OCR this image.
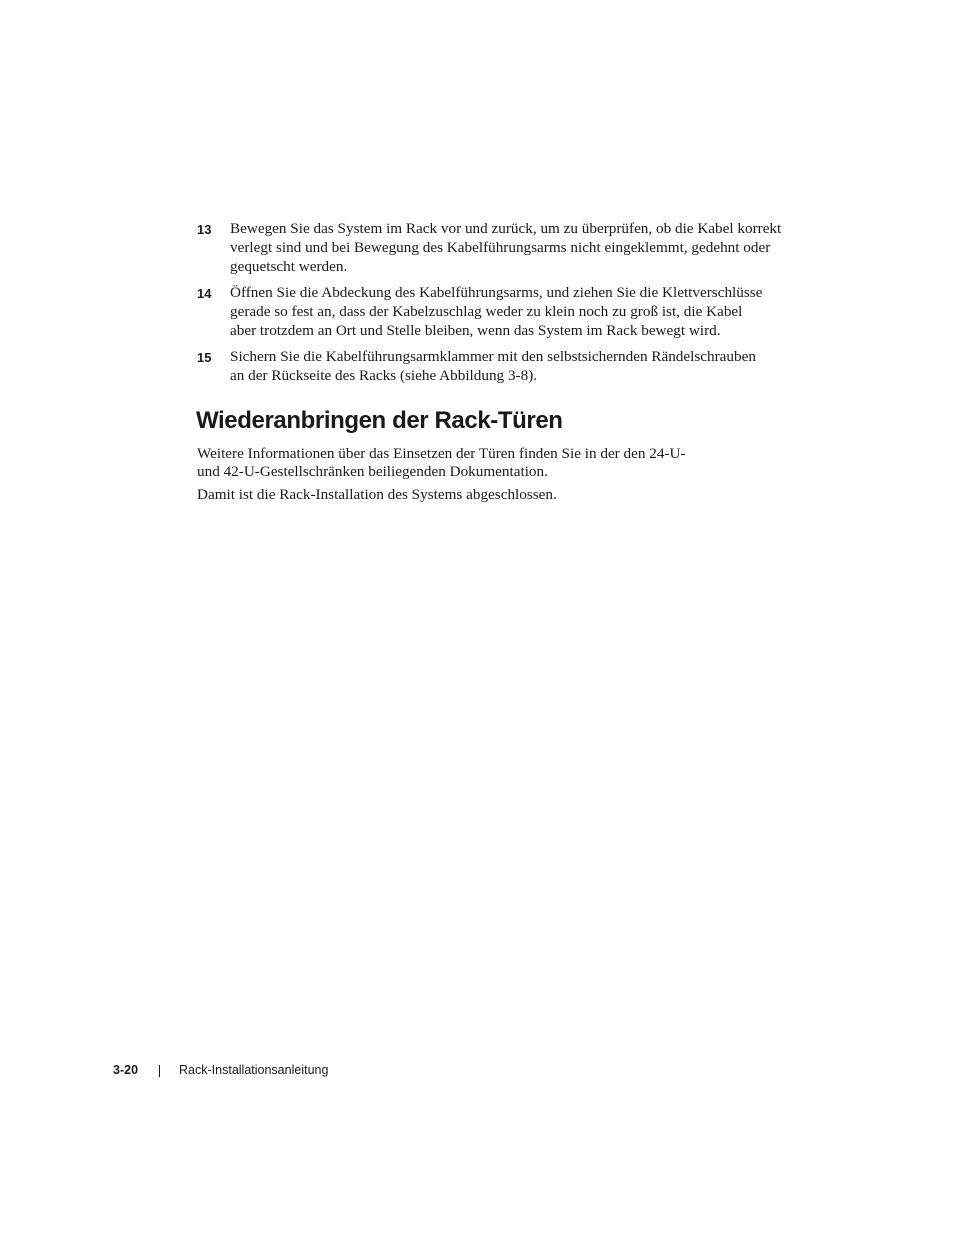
13	Bewegen Sie das System im Rack vor und zurück, um zu überprüfen, ob die Kabel korrekt
verlegt sind und bei Bewegung des Kabelführungsarms nicht eingeklemmt, gedehnt oder
gequetscht werden.
14	Öffnen Sie die Abdeckung des Kabelführungsarms, und ziehen Sie die Klettverschlüsse
gerade so fest an, dass der Kabelzuschlag weder zu klein noch zu groß ist, die Kabel
aber trotzdem an Ort und Stelle bleiben, wenn das System im Rack bewegt wird.
15	Sichern Sie die Kabelführungsarmklammer mit den selbstsichernden Rändelschrauben
an der Rückseite des Racks (siehe Abbildung 3-8).
Wiederanbringen der Rack-Türen

Weitere Informationen über das Einsetzen der Türen finden Sie in der den 24-U-
und 42-U-Gestellschränken beiliegenden Dokumentation.

Damit ist die Rack-Installation des Systems abgeschlossen.

3-20	Rack-Installationsanleitung
